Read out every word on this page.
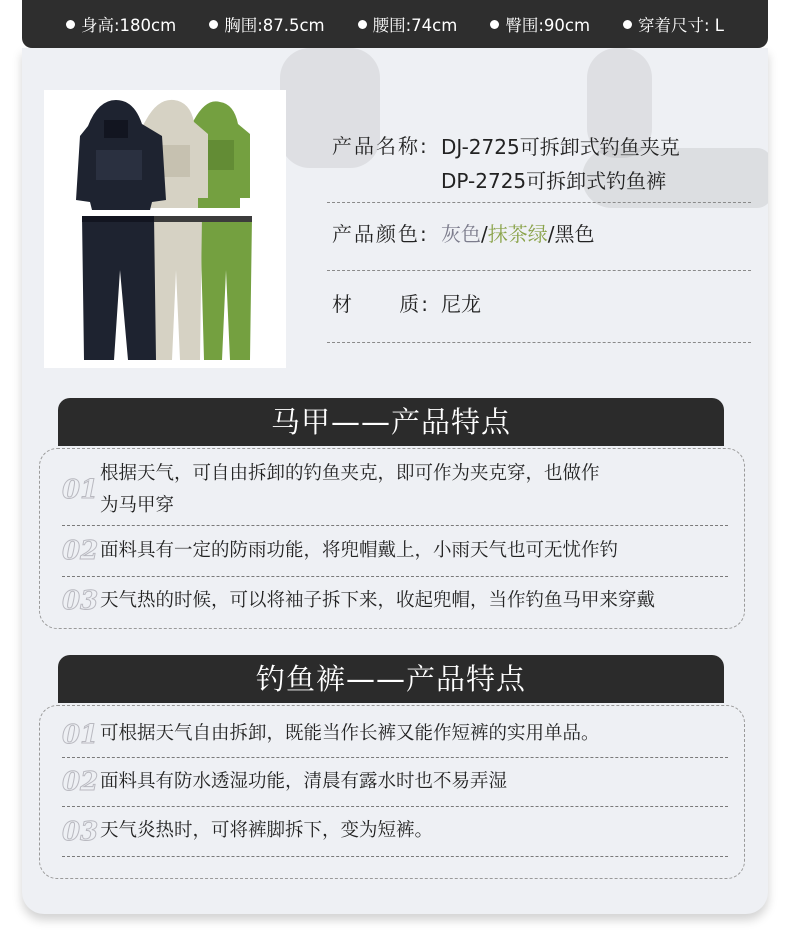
身高:180cm	胸围:87.5cm	腰围:74cm	臀围:90cm	穿着尺寸: L
产品名称: DJ-2725可拆卸式钓鱼夹克
DP-2725可拆卸式钓鱼裤
产品颜色: 灰色/抹茶绿/黑色
材 质: 尼龙
马甲——产品特点
01
根据天气，可自由拆卸的钓鱼夹克，即可作为夹克穿，也做作
为马甲穿
02 面料具有一定的防雨功能，将兜帽戴上，小雨天气也可无忧作钓
03 天气热的时候，可以将袖子拆下来，收起兜帽，当作钓鱼马甲来穿戴
钓鱼裤——产品特点
01 可根据天气自由拆卸，既能当作长裤又能作短裤的实用单品。
02 面料具有防水透湿功能，清晨有露水时也不易弄湿
03 天气炎热时，可将裤脚拆下，变为短裤。
